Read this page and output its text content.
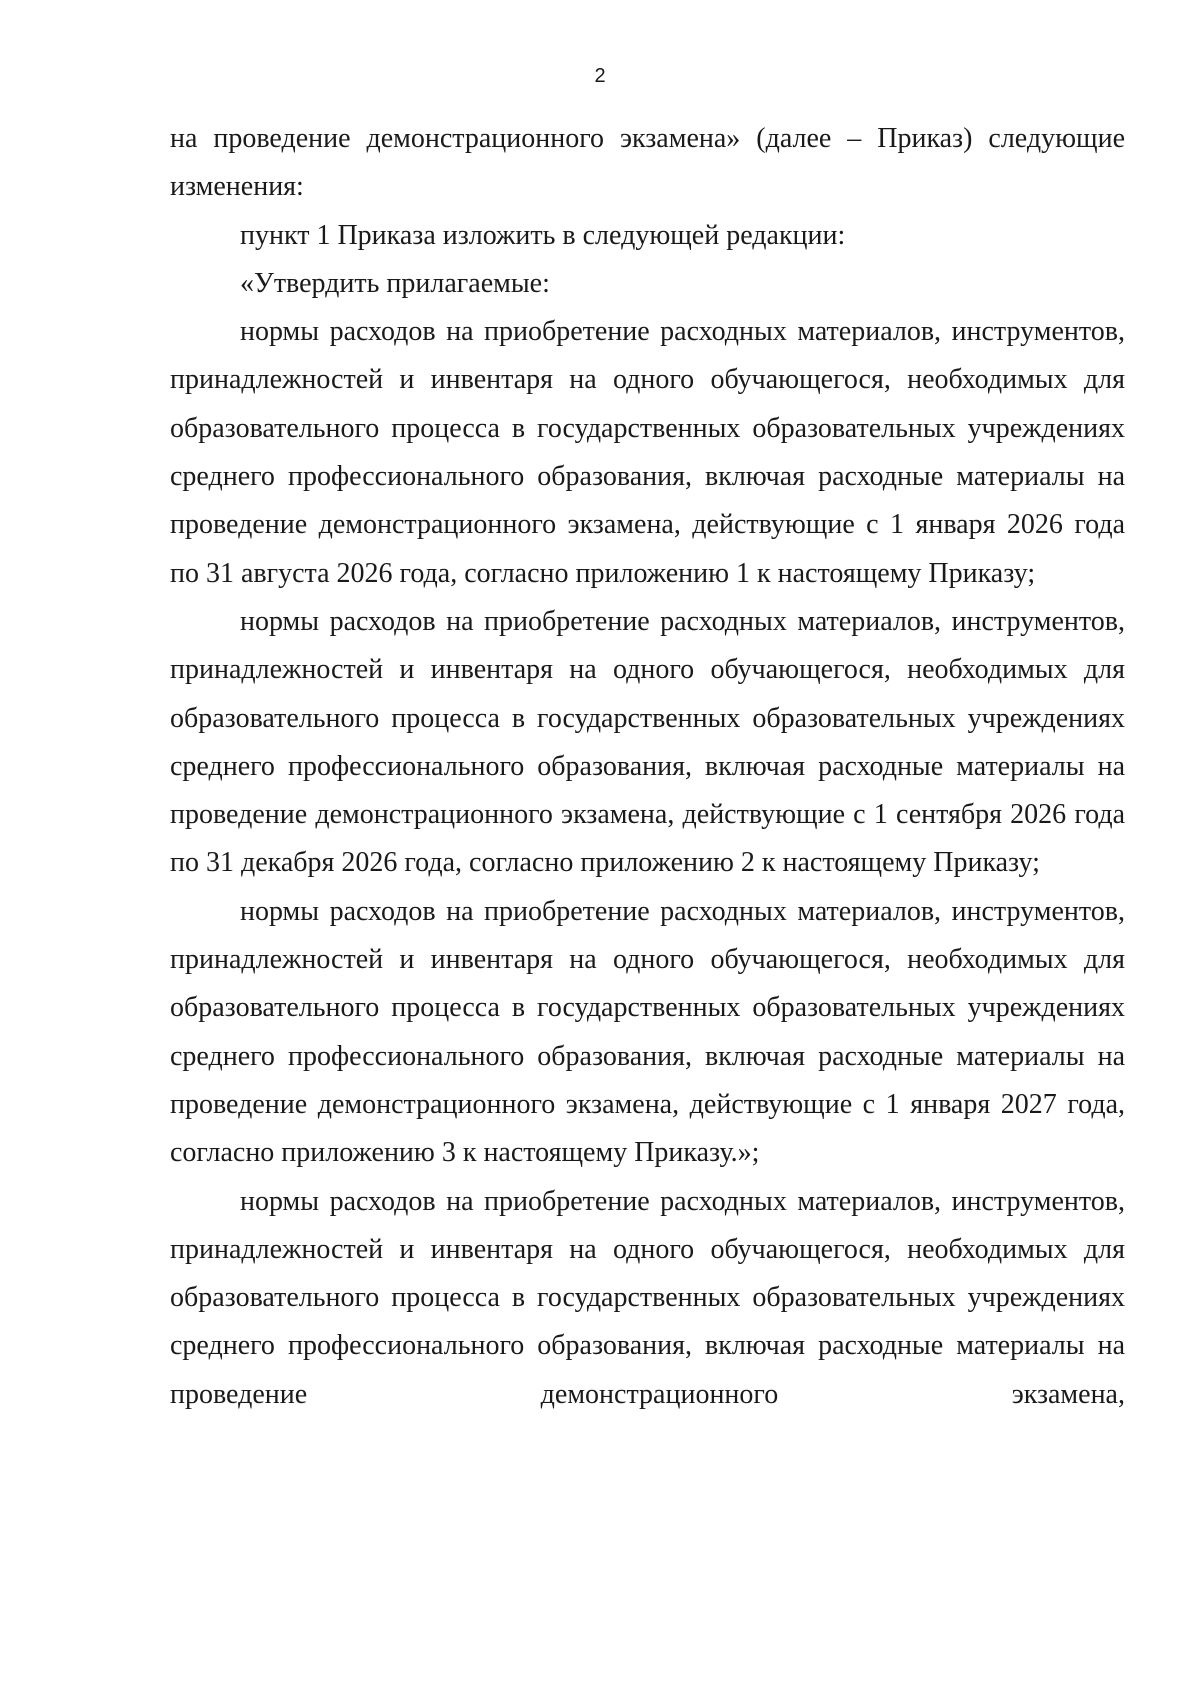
2

на проведение демонстрационного экзамена» (далее – Приказ) следующие изменения:

пункт 1 Приказа изложить в следующей редакции:

«Утвердить прилагаемые:

нормы расходов на приобретение расходных материалов, инструментов, принадлежностей и инвентаря на одного обучающегося, необходимых для образовательного процесса в государственных образовательных учреждениях среднего профессионального образования, включая расходные материалы на проведение демонстрационного экзамена, действующие с 1 января 2026 года по 31 августа 2026 года, согласно приложению 1 к настоящему Приказу;

нормы расходов на приобретение расходных материалов, инструментов, принадлежностей и инвентаря на одного обучающегося, необходимых для образовательного процесса в государственных образовательных учреждениях среднего профессионального образования, включая расходные материалы на проведение демонстрационного экзамена, действующие с 1 сентября 2026 года по 31 декабря 2026 года, согласно приложению 2 к настоящему Приказу;

нормы расходов на приобретение расходных материалов, инструментов, принадлежностей и инвентаря на одного обучающегося, необходимых для образовательного процесса в государственных образовательных учреждениях среднего профессионального образования, включая расходные материалы на проведение демонстрационного экзамена, действующие с 1 января 2027 года, согласно приложению 3 к настоящему Приказу.»;

нормы расходов на приобретение расходных материалов, инструментов, принадлежностей и инвентаря на одного обучающегося, необходимых для образовательного процесса в государственных образовательных учреждениях среднего профессионального образования, включая расходные материалы на проведение демонстрационного экзамена,
